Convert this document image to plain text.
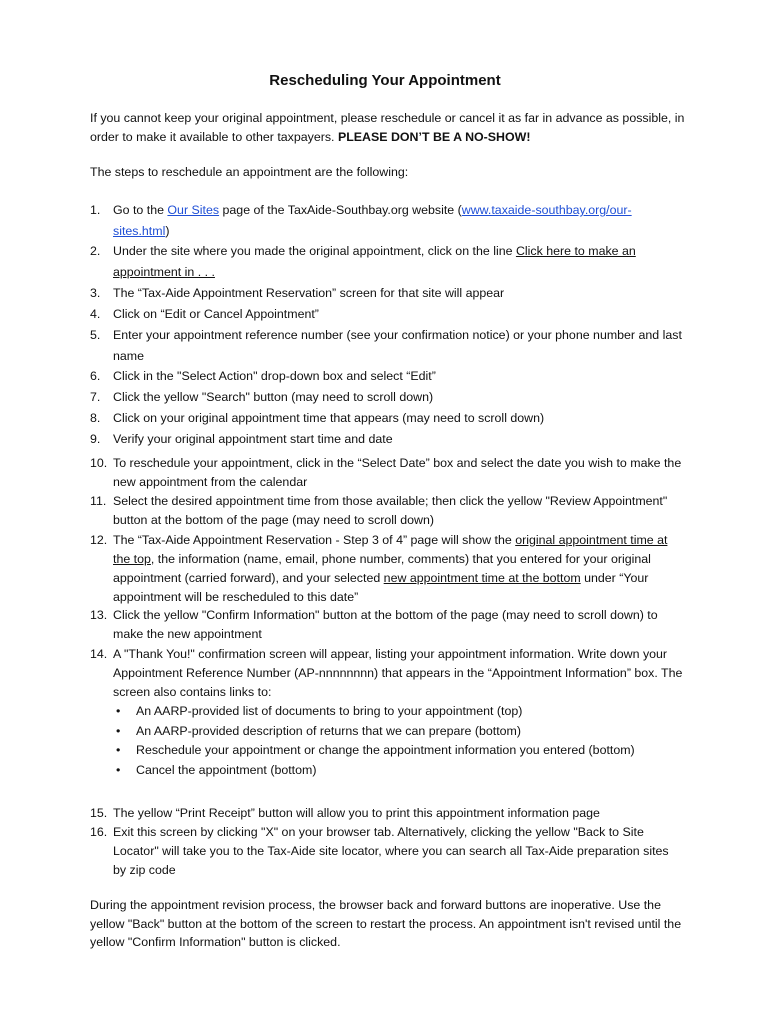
Rescheduling Your Appointment

If you cannot keep your original appointment, please reschedule or cancel it as far in advance as possible, in order to make it available to other taxpayers. PLEASE DON’T BE A NO-SHOW!

The steps to reschedule an appointment are the following:

1.	Go to the Our Sites page of the TaxAide-Southbay.org website (www.taxaide-southbay.org/our-sites.html)
2.	Under the site where you made the original appointment, click on the line Click here to make an appointment in . . .
3.	The “Tax-Aide Appointment Reservation” screen for that site will appear
4.	Click on “Edit or Cancel Appointment”
5.	Enter your appointment reference number (see your confirmation notice) or your phone number and last name
6.	Click in the "Select Action" drop-down box and select “Edit”
7.	Click the yellow "Search" button (may need to scroll down)
8.	Click on your original appointment time that appears (may need to scroll down)
9.	Verify your original appointment start time and date
10. To reschedule your appointment, click in the “Select Date” box and select the date you wish to make the new appointment from the calendar
11. Select the desired appointment time from those available; then click the yellow "Review Appointment" button at the bottom of the page (may need to scroll down)
12. The “Tax-Aide Appointment Reservation - Step 3 of 4” page will show the original appointment time at the top, the information (name, email, phone number, comments) that you entered for your original appointment (carried forward), and your selected new appointment time at the bottom under “Your appointment will be rescheduled to this date”
13. Click the yellow "Confirm Information" button at the bottom of the page (may need to scroll down) to make the new appointment
14. A "Thank You!" confirmation screen will appear, listing your appointment information. Write down your Appointment Reference Number (AP-nnnnnnnn) that appears in the “Appointment Information” box. The screen also contains links to:
• An AARP-provided list of documents to bring to your appointment (top)
• An AARP-provided description of returns that we can prepare (bottom)
• Reschedule your appointment or change the appointment information you entered (bottom)
• Cancel the appointment (bottom)
15. The yellow “Print Receipt” button will allow you to print this appointment information page
16. Exit this screen by clicking "X" on your browser tab. Alternatively, clicking the yellow "Back to Site Locator" will take you to the Tax-Aide site locator, where you can search all Tax-Aide preparation sites by zip code

During the appointment revision process, the browser back and forward buttons are inoperative. Use the yellow "Back" button at the bottom of the screen to restart the process. An appointment isn't revised until the yellow "Confirm Information" button is clicked.
